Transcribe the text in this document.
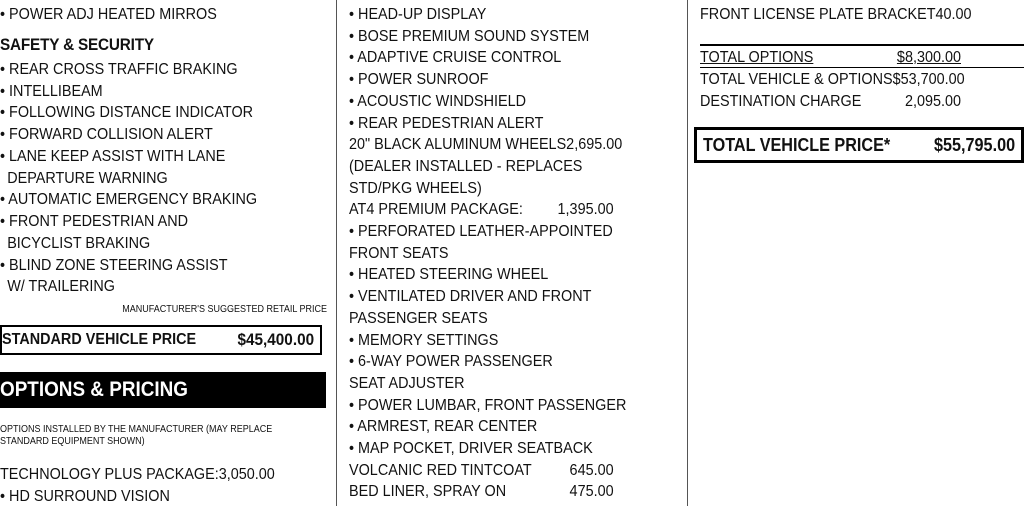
• POWER ADJ HEATED MIRROS
SAFETY & SECURITY
• REAR CROSS TRAFFIC BRAKING
• INTELLIBEAM
• FOLLOWING DISTANCE INDICATOR
• FORWARD COLLISION ALERT
• LANE KEEP ASSIST WITH LANE
DEPARTURE WARNING
• AUTOMATIC EMERGENCY BRAKING
• FRONT PEDESTRIAN AND
BICYCLIST BRAKING
• BLIND ZONE STEERING ASSIST
W/ TRAILERING
MANUFACTURER'S SUGGESTED RETAIL PRICE
STANDARD VEHICLE PRICE $45,400.00
OPTIONS & PRICING
OPTIONS INSTALLED BY THE MANUFACTURER (MAY REPLACE
STANDARD EQUIPMENT SHOWN)
TECHNOLOGY PLUS PACKAGE: 3,050.00
• HD SURROUND VISION
• HEAD-UP DISPLAY
• BOSE PREMIUM SOUND SYSTEM
• ADAPTIVE CRUISE CONTROL
• POWER SUNROOF
• ACOUSTIC WINDSHIELD
• REAR PEDESTRIAN ALERT
20" BLACK ALUMINUM WHEELS 2,695.00
(DEALER INSTALLED - REPLACES
STD/PKG WHEELS)
AT4 PREMIUM PACKAGE: 1,395.00
• PERFORATED LEATHER-APPOINTED
FRONT SEATS
• HEATED STEERING WHEEL
• VENTILATED DRIVER AND FRONT
PASSENGER SEATS
• MEMORY SETTINGS
• 6-WAY POWER PASSENGER
SEAT ADJUSTER
• POWER LUMBAR, FRONT PASSENGER
• ARMREST, REAR CENTER
• MAP POCKET, DRIVER SEATBACK
VOLCANIC RED TINTCOAT 645.00
BED LINER, SPRAY ON	475.00
FRONT LICENSE PLATE BRACKET 40.00
TOTAL OPTIONS	$8,300.00
TOTAL VEHICLE & OPTIONS $53,700.00
DESTINATION CHARGE	2,095.00
TOTAL VEHICLE PRICE* $55,795.00
